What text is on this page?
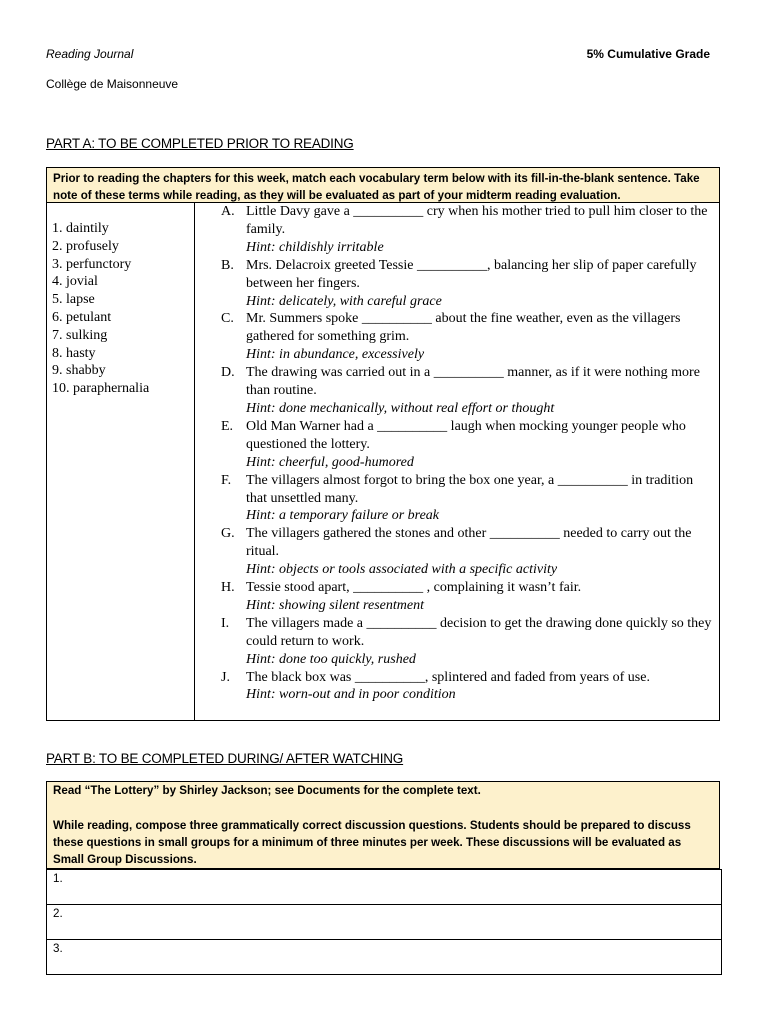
Reading Journal	5% Cumulative Grade
Collège de Maisonneuve
PART A: TO BE COMPLETED PRIOR TO READING
Prior to reading the chapters for this week, match each vocabulary term below with its fill-in-the-blank sentence. Take note of these terms while reading, as they will be evaluated as part of your midterm reading evaluation.
1. daintily
2. profusely
3. perfunctory
4. jovial
5. lapse
6. petulant
7. sulking
8. hasty
9. shabby
10. paraphernalia
A. Little Davy gave a __________ cry when his mother tried to pull him closer to the family.
Hint: childishly irritable
B. Mrs. Delacroix greeted Tessie __________, balancing her slip of paper carefully between her fingers.
Hint: delicately, with careful grace
C. Mr. Summers spoke __________ about the fine weather, even as the villagers gathered for something grim.
Hint: in abundance, excessively
D. The drawing was carried out in a __________ manner, as if it were nothing more than routine.
Hint: done mechanically, without real effort or thought
E. Old Man Warner had a __________ laugh when mocking younger people who questioned the lottery.
Hint: cheerful, good-humored
F. The villagers almost forgot to bring the box one year, a __________ in tradition that unsettled many.
Hint: a temporary failure or break
G. The villagers gathered the stones and other __________ needed to carry out the ritual.
Hint: objects or tools associated with a specific activity
H. Tessie stood apart, __________ , complaining it wasn’t fair.
Hint: showing silent resentment
I. The villagers made a __________ decision to get the drawing done quickly so they could return to work.
Hint: done too quickly, rushed
J. The black box was __________, splintered and faded from years of use.
Hint: worn-out and in poor condition
PART B: TO BE COMPLETED DURING/ AFTER WATCHING
Read “The Lottery” by Shirley Jackson; see Documents for the complete text.
While reading, compose three grammatically correct discussion questions. Students should be prepared to discuss these questions in small groups for a minimum of three minutes per week. These discussions will be evaluated as Small Group Discussions.
1.
2.
3.
